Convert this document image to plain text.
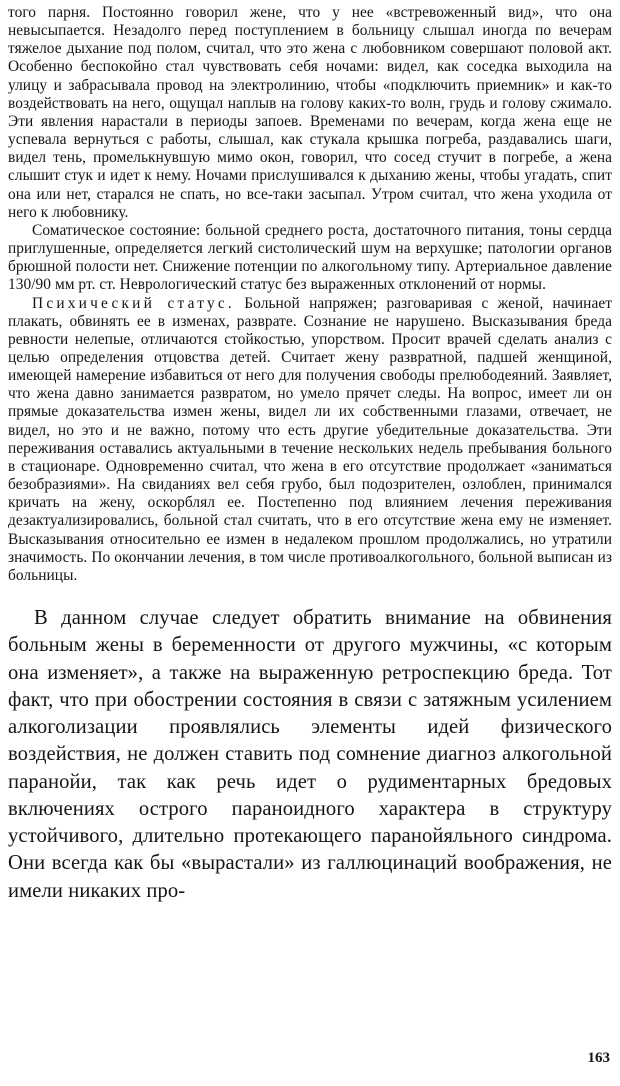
того парня. Постоянно говорил жене, что у нее «встревоженный вид», что она невысыпается. Незадолго перед поступлением в больницу слышал иногда по вечерам тяжелое дыхание под полом, считал, что это жена с любовником совершают половой акт. Особенно беспокойно стал чувствовать себя ночами: видел, как соседка выходила на улицу и забрасывала провод на электролинию, чтобы «подключить приемник» и как-то воздействовать на него, ощущал наплыв на голову каких-то волн, грудь и голову сжимало. Эти явления нарастали в периоды запоев. Временами по вечерам, когда жена еще не успевала вернуться с работы, слышал, как стукала крышка погреба, раздавались шаги, видел тень, промелькнувшую мимо окон, говорил, что сосед стучит в погребе, а жена слышит стук и идет к нему. Ночами прислушивался к дыханию жены, чтобы угадать, спит она или нет, старался не спать, но все-таки засыпал. Утром считал, что жена уходила от него к любовнику.

Соматическое состояние: больной среднего роста, достаточного питания, тоны сердца приглушенные, определяется легкий систолический шум на верхушке; патологии органов брюшной полости нет. Снижение потенции по алкогольному типу. Артериальное давление 130/90 мм рт. ст. Неврологический статус без выраженных отклонений от нормы.

Психический статус. Больной напряжен; разговаривая с женой, начинает плакать, обвинять ее в изменах, разврате. Сознание не нарушено. Высказывания бреда ревности нелепые, отличаются стойкостью, упорством. Просит врачей сделать анализ с целью определения отцовства детей. Считает жену развратной, падшей женщиной, имеющей намерение избавиться от него для получения свободы прелюбодеяний. Заявляет, что жена давно занимается развратом, но умело прячет следы. На вопрос, имеет ли он прямые доказательства измен жены, видел ли их собственными глазами, отвечает, не видел, но это и не важно, потому что есть другие убедительные доказательства. Эти переживания оставались актуальными в течение нескольких недель пребывания больного в стационаре. Одновременно считал, что жена в его отсутствие продолжает «заниматься безобразиями». На свиданиях вел себя грубо, был подозрителен, озлоблен, принимался кричать на жену, оскорблял ее. Постепенно под влиянием лечения переживания дезактуализировались, больной стал считать, что в его отсутствие жена ему не изменяет. Высказывания относительно ее измен в недалеком прошлом продолжались, но утратили значимость. По окончании лечения, в том числе противоалкогольного, больной выписан из больницы.

В данном случае следует обратить внимание на обвинения больным жены в беременности от другого мужчины, «с которым она изменяет», а также на выраженную ретроспекцию бреда. Тот факт, что при обострении состояния в связи с затяжным усилением алкоголизации проявлялись элементы идей физического воздействия, не должен ставить под сомнение диагноз алкогольной паранойи, так как речь идет о рудиментарных бредовых включениях острого параноидного характера в структуру устойчивого, длительно протекающего паранойяльного синдрома. Они всегда как бы «вырастали» из галлюцинаций воображения, не имели никаких про-

163
